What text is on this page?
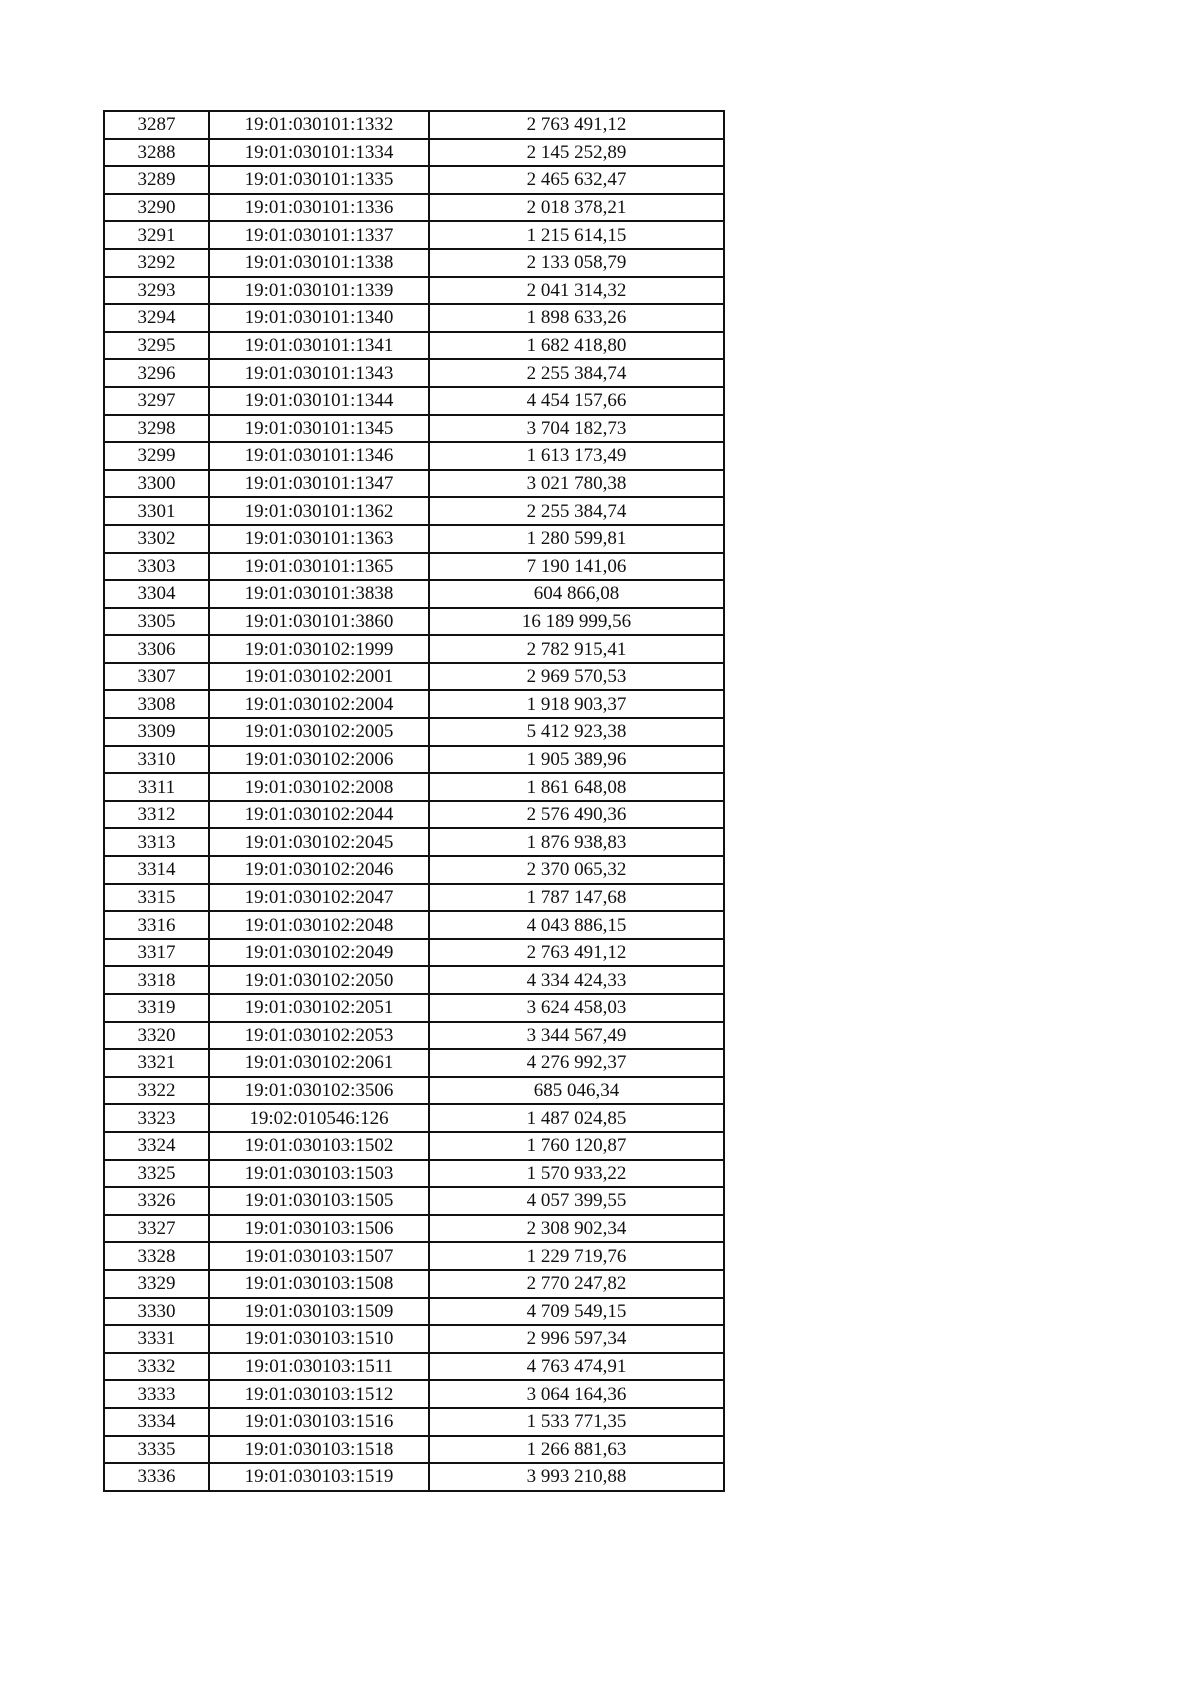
3287	19:01:030101:1332	2 763 491,12
3288	19:01:030101:1334	2 145 252,89
3289	19:01:030101:1335	2 465 632,47
3290	19:01:030101:1336	2 018 378,21
3291	19:01:030101:1337	1 215 614,15
3292	19:01:030101:1338	2 133 058,79
3293	19:01:030101:1339	2 041 314,32
3294	19:01:030101:1340	1 898 633,26
3295	19:01:030101:1341	1 682 418,80
3296	19:01:030101:1343	2 255 384,74
3297	19:01:030101:1344	4 454 157,66
3298	19:01:030101:1345	3 704 182,73
3299	19:01:030101:1346	1 613 173,49
3300	19:01:030101:1347	3 021 780,38
3301	19:01:030101:1362	2 255 384,74
3302	19:01:030101:1363	1 280 599,81
3303	19:01:030101:1365	7 190 141,06
3304	19:01:030101:3838	604 866,08
3305	19:01:030101:3860	16 189 999,56
3306	19:01:030102:1999	2 782 915,41
3307	19:01:030102:2001	2 969 570,53
3308	19:01:030102:2004	1 918 903,37
3309	19:01:030102:2005	5 412 923,38
3310	19:01:030102:2006	1 905 389,96
3311	19:01:030102:2008	1 861 648,08
3312	19:01:030102:2044	2 576 490,36
3313	19:01:030102:2045	1 876 938,83
3314	19:01:030102:2046	2 370 065,32
3315	19:01:030102:2047	1 787 147,68
3316	19:01:030102:2048	4 043 886,15
3317	19:01:030102:2049	2 763 491,12
3318	19:01:030102:2050	4 334 424,33
3319	19:01:030102:2051	3 624 458,03
3320	19:01:030102:2053	3 344 567,49
3321	19:01:030102:2061	4 276 992,37
3322	19:01:030102:3506	685 046,34
3323	19:02:010546:126	1 487 024,85
3324	19:01:030103:1502	1 760 120,87
3325	19:01:030103:1503	1 570 933,22
3326	19:01:030103:1505	4 057 399,55
3327	19:01:030103:1506	2 308 902,34
3328	19:01:030103:1507	1 229 719,76
3329	19:01:030103:1508	2 770 247,82
3330	19:01:030103:1509	4 709 549,15
3331	19:01:030103:1510	2 996 597,34
3332	19:01:030103:1511	4 763 474,91
3333	19:01:030103:1512	3 064 164,36
3334	19:01:030103:1516	1 533 771,35
3335	19:01:030103:1518	1 266 881,63
3336	19:01:030103:1519	3 993 210,88
